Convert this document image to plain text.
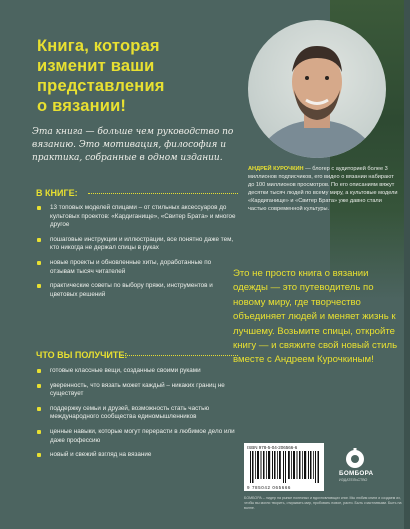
Книга, которая
изменит ваши
представления
о вязании!
Эта книга — больше чем руководство по вязанию. Это мотивация, философия и практика, собранные в одном издании.
В КНИГЕ:
13 топовых моделей спицами – от стильных аксессуаров до культовых проектов: «Кардиганище», «Свитер Брата» и многое другое
пошаговые инструкции и иллюстрации, все понятно даже тем, кто никогда не держал спицы в руках
новые проекты и обновленные хиты, доработанные по отзывам тысяч читателей
практические советы по выбору пряжи, инструментов и цветовых решений
ЧТО ВЫ ПОЛУЧИТЕ:
готовые классные вещи, созданные своими руками
уверенность, что вязать может каждый – никаких границ не существует
поддержку семьи и друзей, возможность стать частью международного сообщества единомышленников
ценные навыки, которые могут перерасти в любимое дело или даже профессию
новый и свежий взгляд на вязание
АНДРЕЙ КУРОЧКИН — блогер с аудиторией более 3 миллионов подписчиков, его видео о вязании набирают до 100 миллионов просмотров. По его описаниям вяжут десятки тысяч людей по всему миру, а культовые модели «Кардиганище» и «Свитер Брата» уже давно стали частью современной культуры.
Это не просто книга о вязании одежды — это путеводитель по новому миру, где творчество объединяет людей и меняет жизнь к лучшему. Возьмите спицы, откройте книгу — и свяжите свой новый стиль вместе с Андреем Курочкиным!
ISBN 978-5-04-206566-6
9 785042 065666
БОМБОРА
ИЗДАТЕЛЬСТВО
БОМБОРА – лидер на рынке полезных и вдохновляющих книг. Мы любим книги и создаем их, чтобы вы могли творить, открывать мир, пробовать новое, расти. Быть счастливыми. Быть на волне.
